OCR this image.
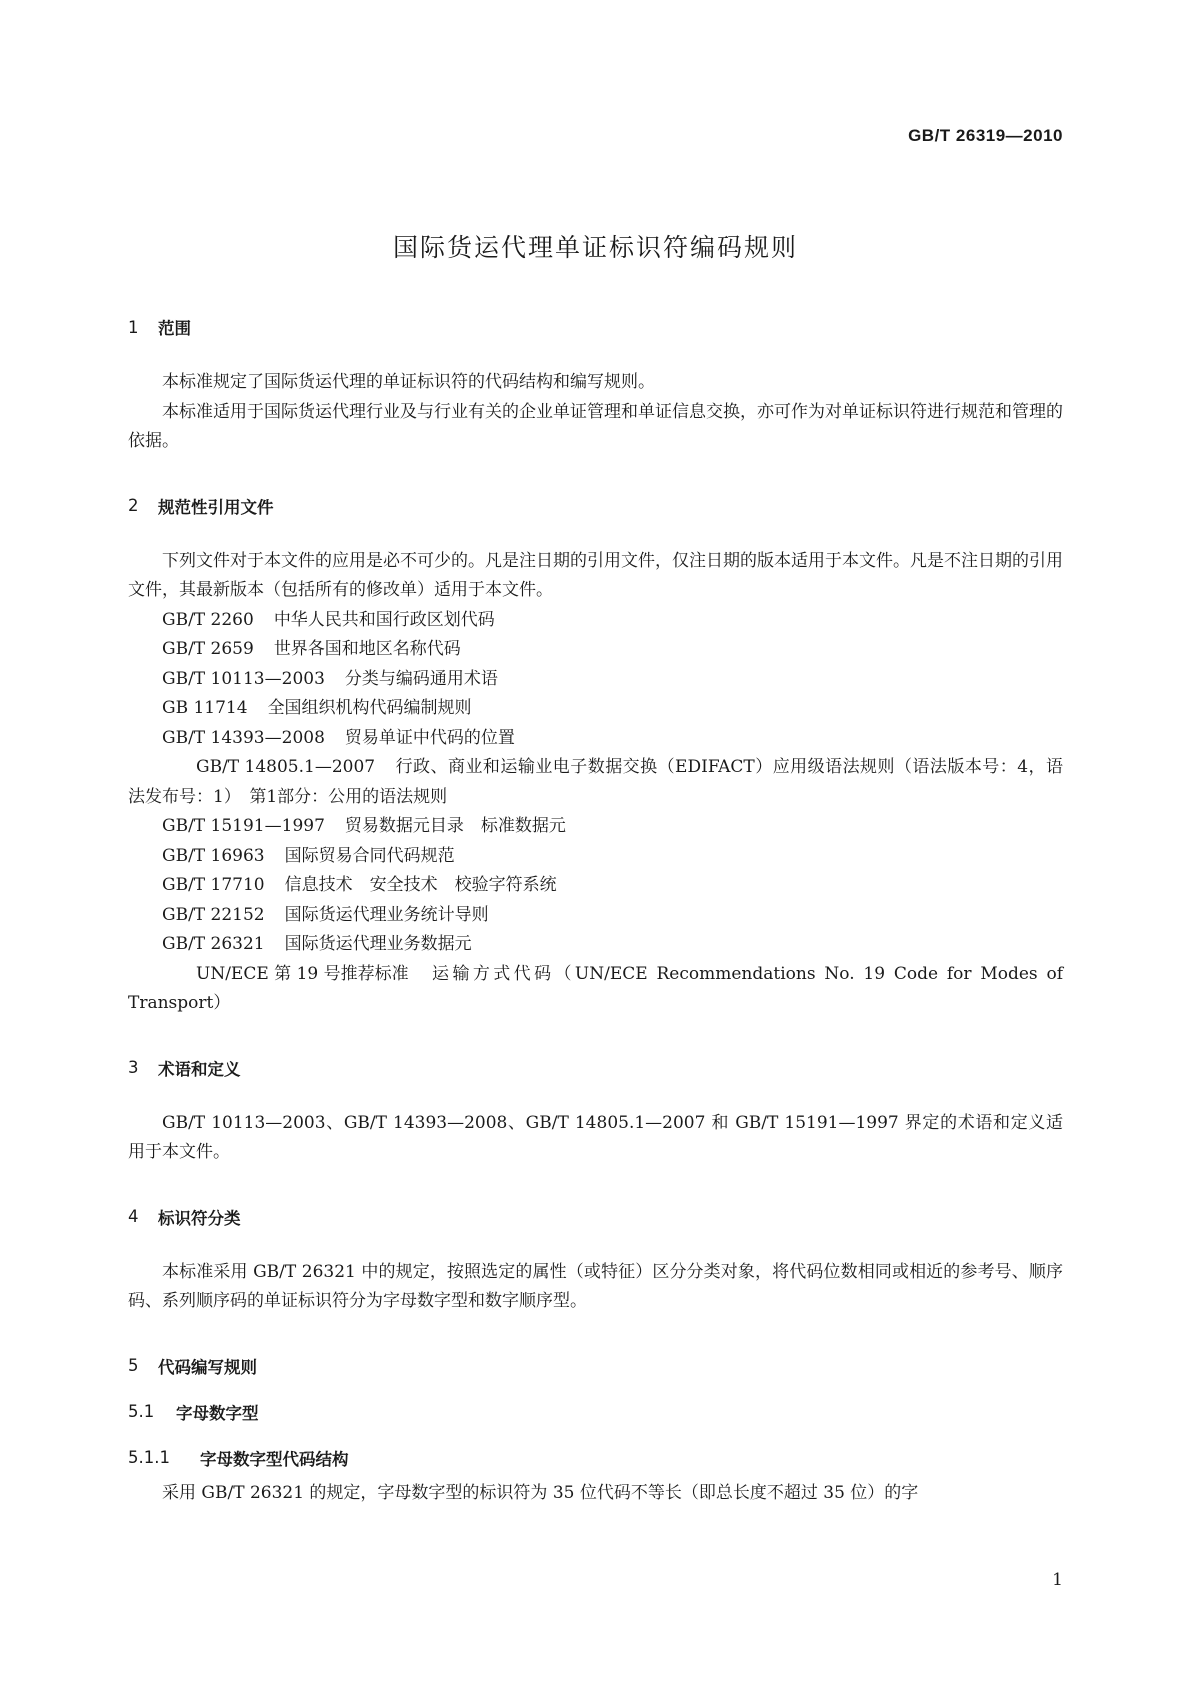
GB/T 26319—2010
国际货运代理单证标识符编码规则
1	范围

本标准规定了国际货运代理的单证标识符的代码结构和编写规则。

本标准适用于国际货运代理行业及与行业有关的企业单证管理和单证信息交换，亦可作为对单证标识符进行规范和管理的依据。

2	规范性引用文件

下列文件对于本文件的应用是必不可少的。凡是注日期的引用文件，仅注日期的版本适用于本文件。凡是不注日期的引用文件，其最新版本（包括所有的修改单）适用于本文件。

GB/T 2260 中华人民共和国行政区划代码

GB/T 2659 世界各国和地区名称代码

GB/T 10113—2003 分类与编码通用术语

GB 11714 全国组织机构代码编制规则

GB/T 14393—2008 贸易单证中代码的位置

GB/T 14805.1—2007 行政、商业和运输业电子数据交换（EDIFACT）应用级语法规则（语法版本号：4，语法发布号：1）　第1部分：公用的语法规则

GB/T 15191—1997 贸易数据元目录　标准数据元

GB/T 16963 国际贸易合同代码规范

GB/T 17710 信息技术　安全技术　校验字符系统

GB/T 22152 国际货运代理业务统计导则

GB/T 26321 国际货运代理业务数据元

UN/ECE 第 19 号推荐标准 运输方式代码（UN/ECE Recommendations No. 19 Code for Modes of Transport）

3	术语和定义

GB/T 10113—2003、GB/T 14393—2008、GB/T 14805.1—2007 和 GB/T 15191—1997 界定的术语和定义适用于本文件。

4	标识符分类

本标准采用 GB/T 26321 中的规定，按照选定的属性（或特征）区分分类对象，将代码位数相同或相近的参考号、顺序码、系列顺序码的单证标识符分为字母数字型和数字顺序型。

5	代码编写规则
5.1	字母数字型
5.1.1	字母数字型代码结构

采用 GB/T 26321 的规定，字母数字型的标识符为 35 位代码不等长（即总长度不超过 35 位）的字

1
